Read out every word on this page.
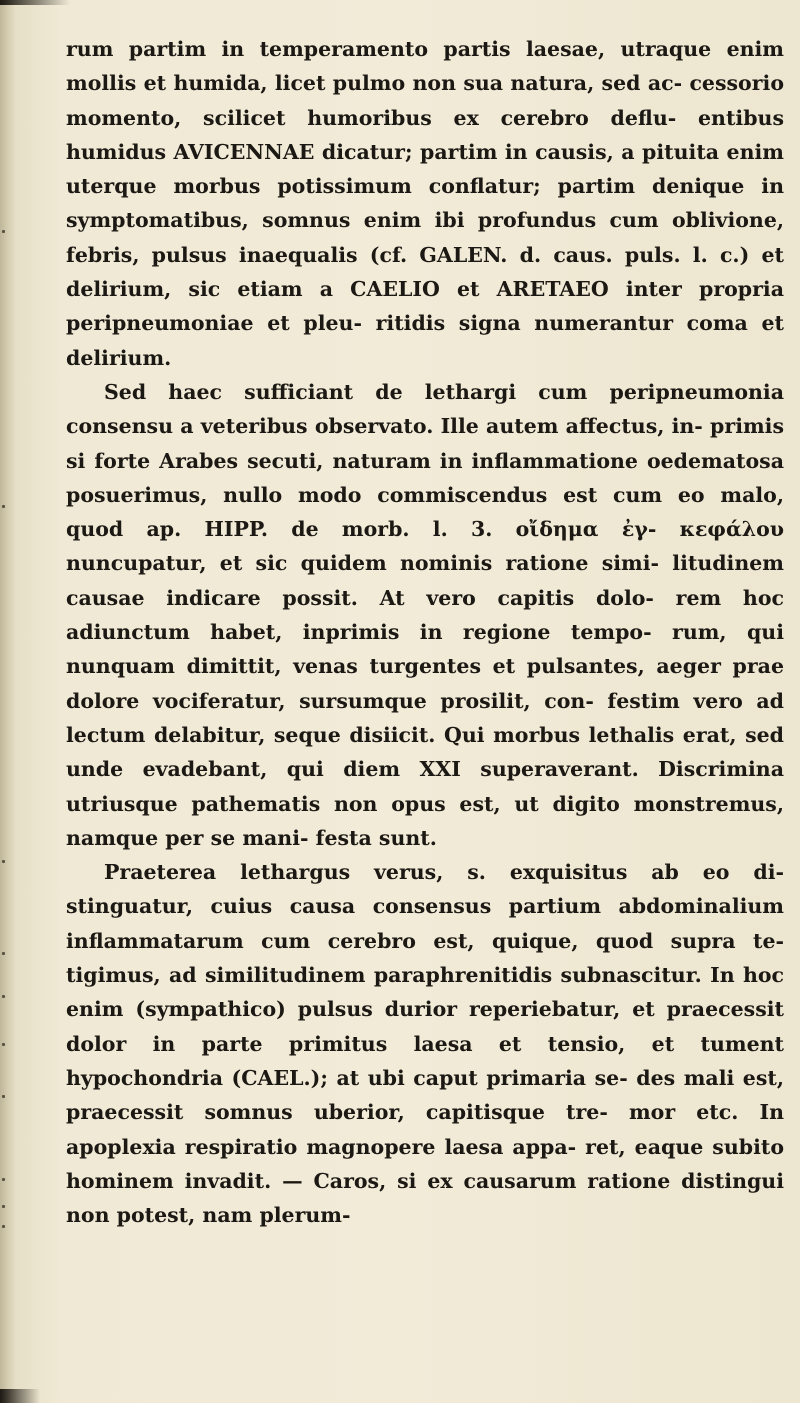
rum partim in temperamento partis laesae, utraque enim mollis et humida, licet pulmo non sua natura, sed ac- cessorio momento, scilicet humoribus ex cerebro deflu- entibus humidus AVICENNAE dicatur; partim in causis, a pituita enim uterque morbus potissimum conflatur; partim denique in symptomatibus, somnus enim ibi profundus cum oblivione, febris, pulsus inaequalis (cf. GALEN. d. caus. puls. l. c.) et delirium, sic etiam a CAELIO et ARETAEO inter propria peripneumoniae et pleu- ritidis signa numerantur coma et delirium.

Sed haec sufficiant de lethargi cum peripneumonia consensu a veteribus observato. Ille autem affectus, in- primis si forte Arabes secuti, naturam in inflammatione oedematosa posuerimus, nullo modo commiscendus est cum eo malo, quod ap. HIPP. de morb. l. 3. οἴδημα ἐγ- κεφάλου nuncupatur, et sic quidem nominis ratione simi- litudinem causae indicare possit. At vero capitis dolo- rem hoc adiunctum habet, inprimis in regione tempo- rum, qui nunquam dimittit, venas turgentes et pulsantes, aeger prae dolore vociferatur, sursumque prosilit, con- festim vero ad lectum delabitur, seque disiicit. Qui morbus lethalis erat, sed unde evadebant, qui diem XXI superaverant. Discrimina utriusque pathematis non opus est, ut digito monstremus, namque per se mani- festa sunt.

Praeterea lethargus verus, s. exquisitus ab eo di- stinguatur, cuius causa consensus partium abdominalium inflammatarum cum cerebro est, quique, quod supra te- tigimus, ad similitudinem paraphrenitidis subnascitur. In hoc enim (sympathico) pulsus durior reperiebatur, et praecessit dolor in parte primitus laesa et tensio, et tument hypochondria (CAEL.); at ubi caput primaria se- des mali est, praecessit somnus uberior, capitisque tre- mor etc. In apoplexia respiratio magnopere laesa appa- ret, eaque subito hominem invadit. — Caros, si ex causarum ratione distingui non potest, nam plerum-
